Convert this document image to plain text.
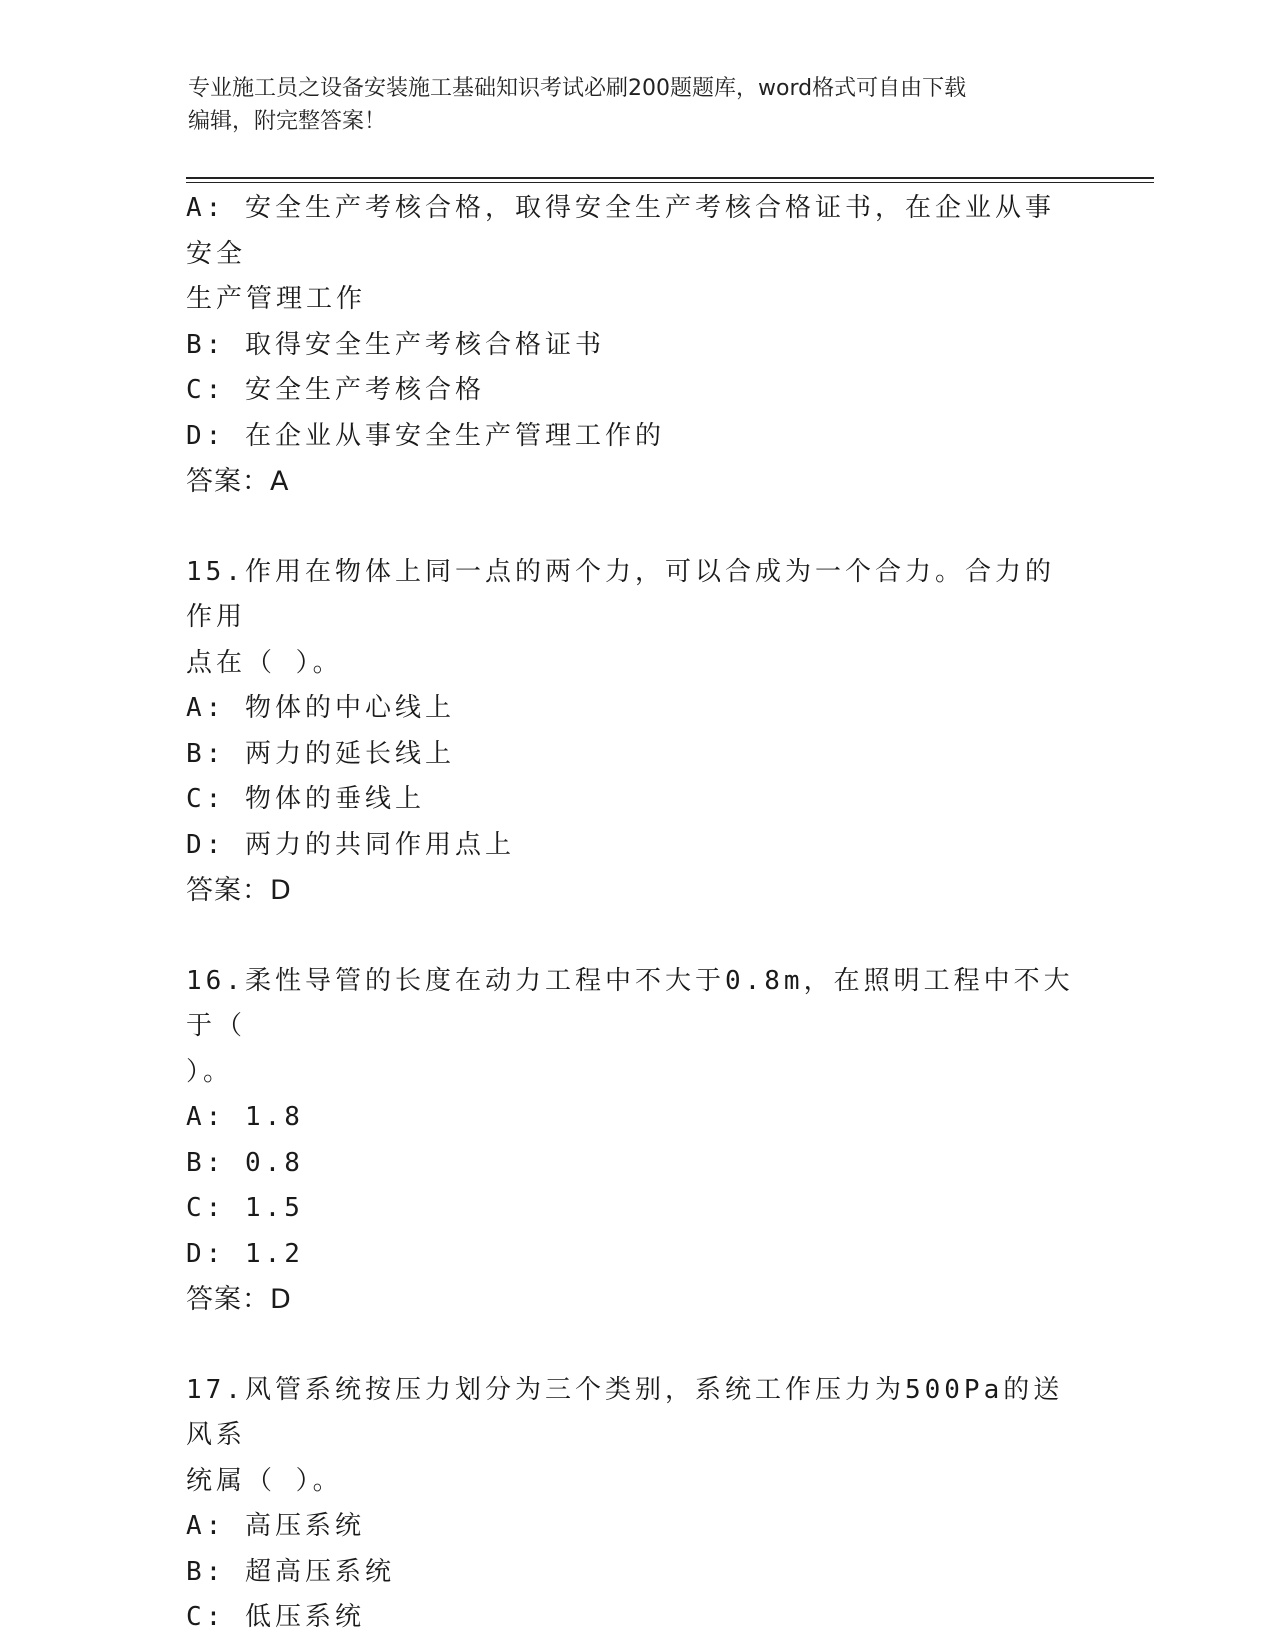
专业施工员之设备安装施工基础知识考试必刷200题题库，word格式可自由下载
编辑，附完整答案！
A: 安全生产考核合格，取得安全生产考核合格证书，在企业从事安全
生产管理工作
B: 取得安全生产考核合格证书
C: 安全生产考核合格
D: 在企业从事安全生产管理工作的
答案：A
15.作用在物体上同一点的两个力，可以合成为一个合力。合力的作用
点在（ ）。
A: 物体的中心线上
B: 两力的延长线上
C: 物体的垂线上
D: 两力的共同作用点上
答案：D
16.柔性导管的长度在动力工程中不大于0.8m，在照明工程中不大于（
）。
A: 1.8
B: 0.8
C: 1.5
D: 1.2
答案：D
17.风管系统按压力划分为三个类别，系统工作压力为500Pa的送风系
统属（ ）。
A: 高压系统
B: 超高压系统
C: 低压系统
